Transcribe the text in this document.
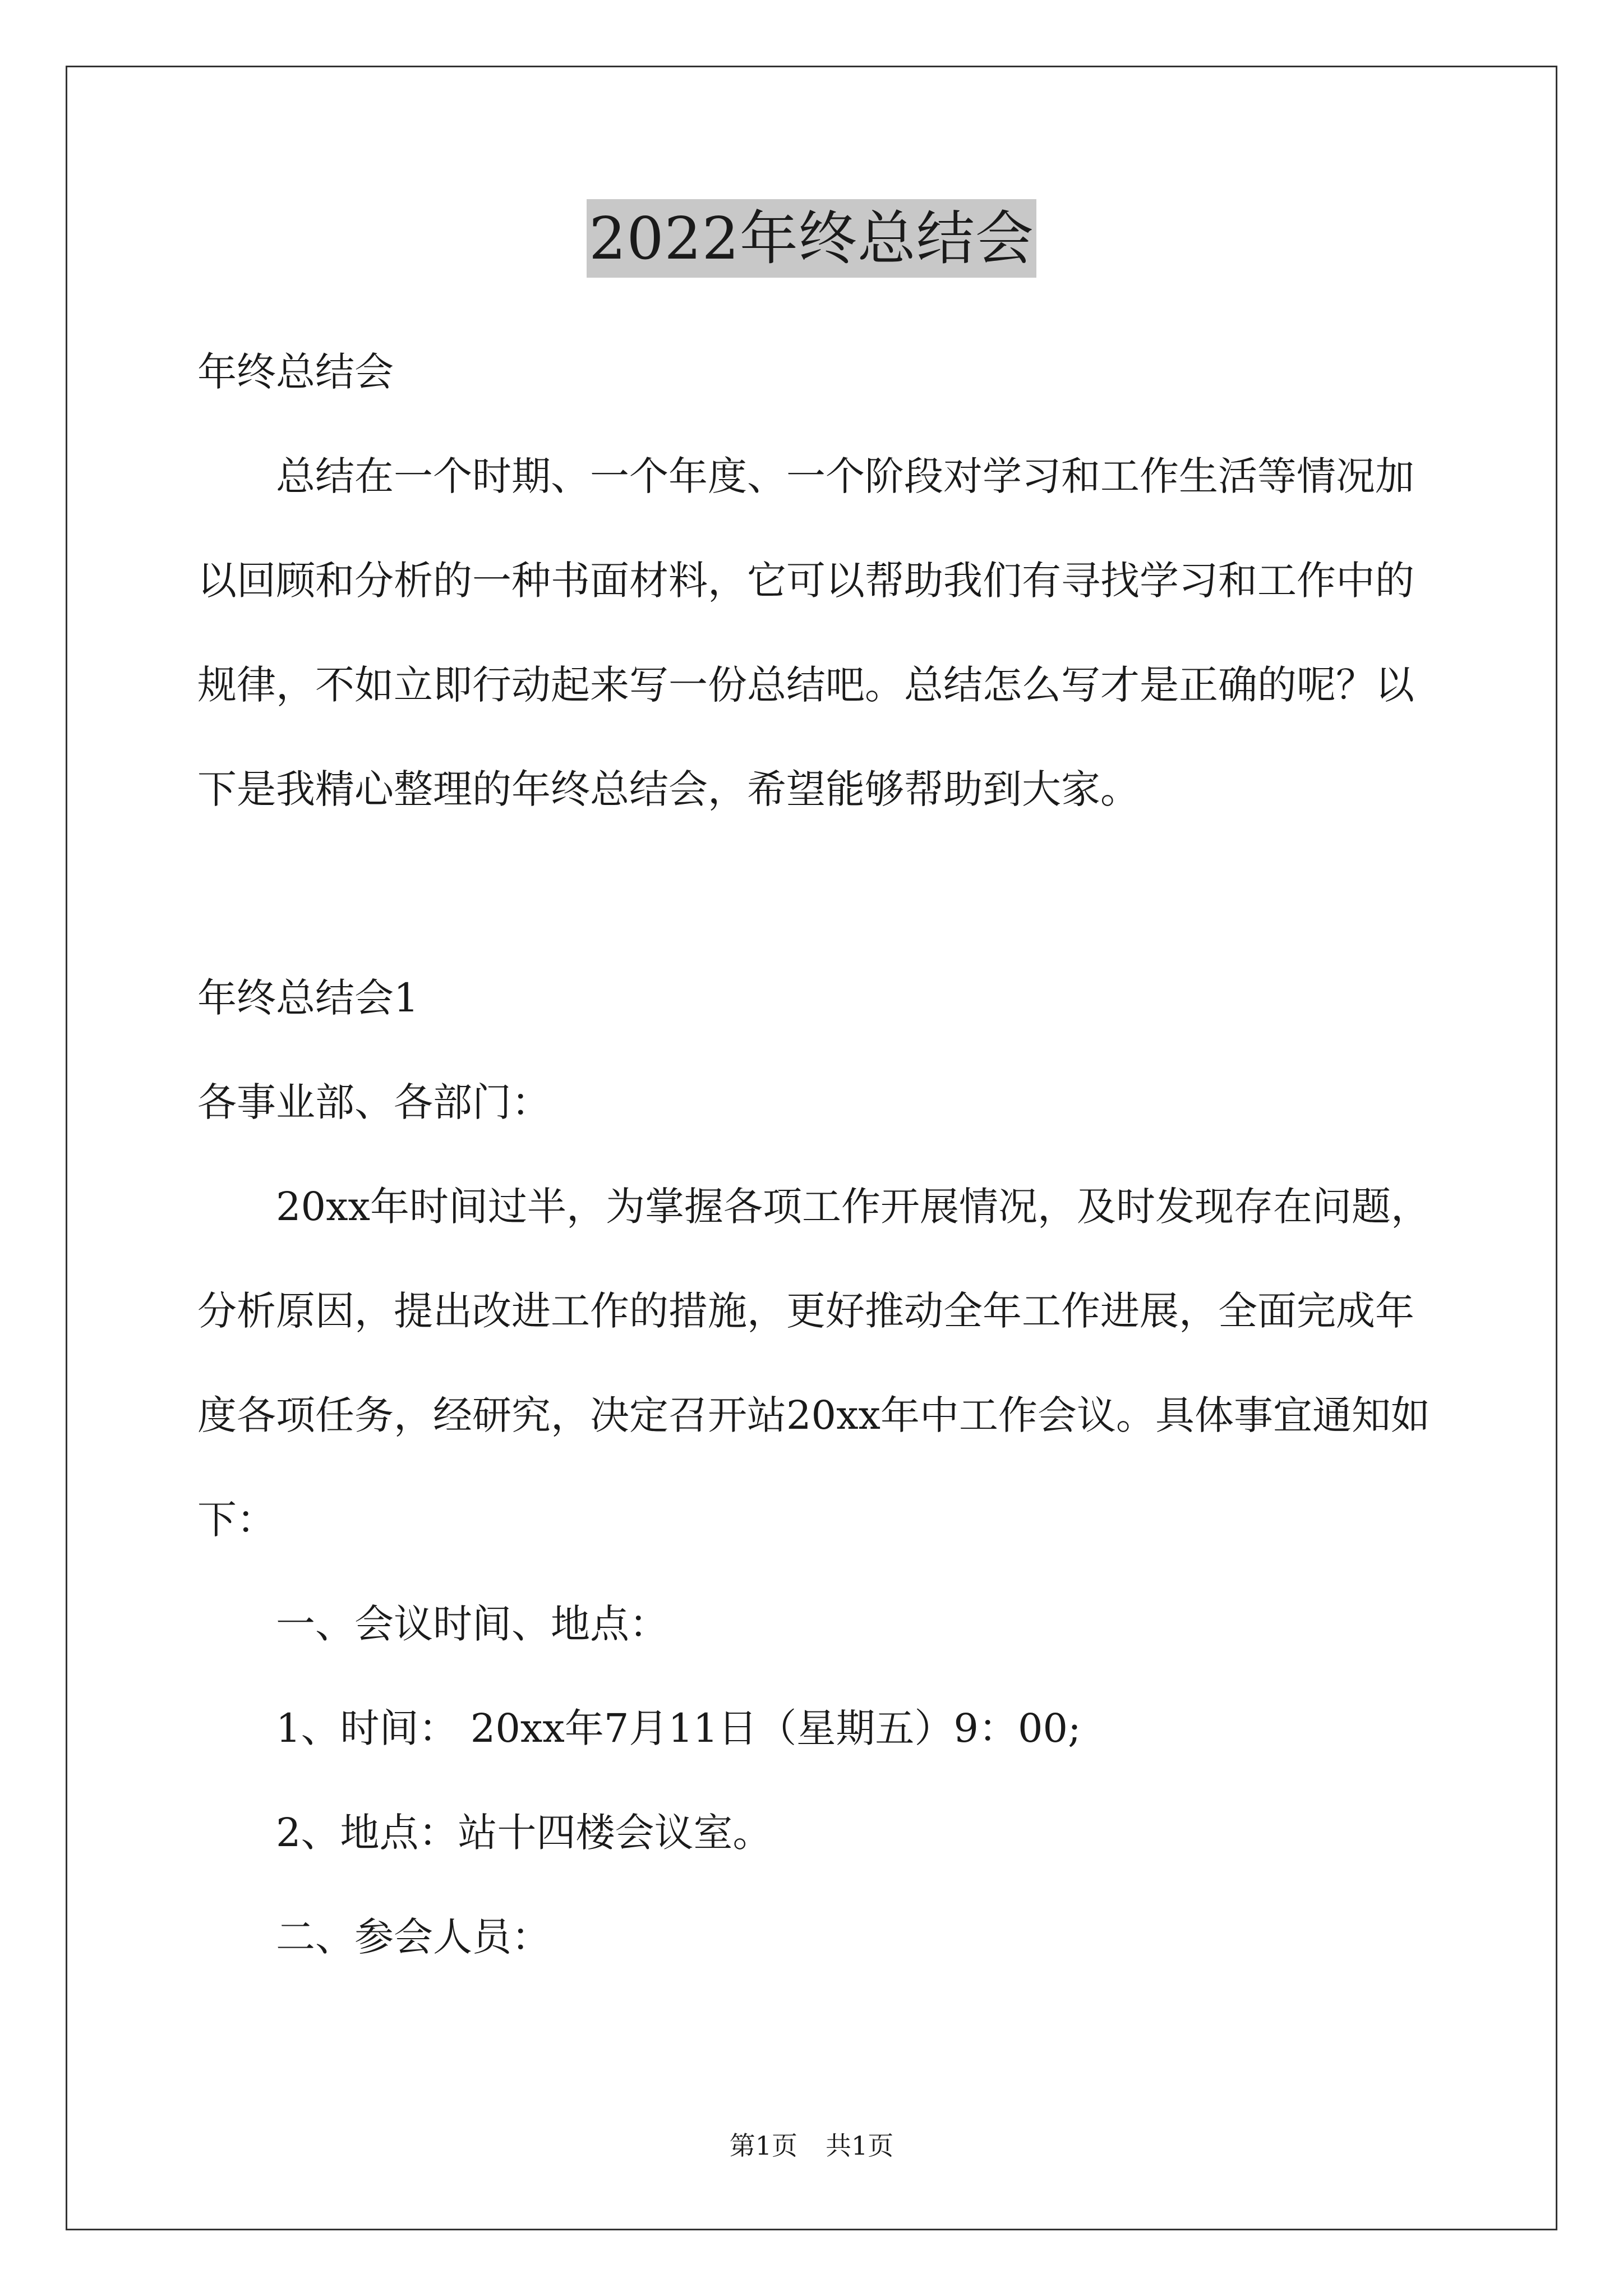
2022年终总结会

年终总结会

总结在一个时期、一个年度、一个阶段对学习和工作生活等情况加以回顾和分析的一种书面材料，它可以帮助我们有寻找学习和工作中的规律，不如立即行动起来写一份总结吧。总结怎么写才是正确的呢？以下是我精心整理的年终总结会，希望能够帮助到大家。

年终总结会1

各事业部、各部门：

20xx年时间过半，为掌握各项工作开展情况，及时发现存在问题，分析原因，提出改进工作的措施，更好推动全年工作进展，全面完成年度各项任务，经研究，决定召开站20xx年中工作会议。具体事宜通知如下：

一、会议时间、地点：

1、时间： 20xx年7月11日（星期五）9：00;

2、地点：站十四楼会议室。

二、参会人员：

第1页 共1页
